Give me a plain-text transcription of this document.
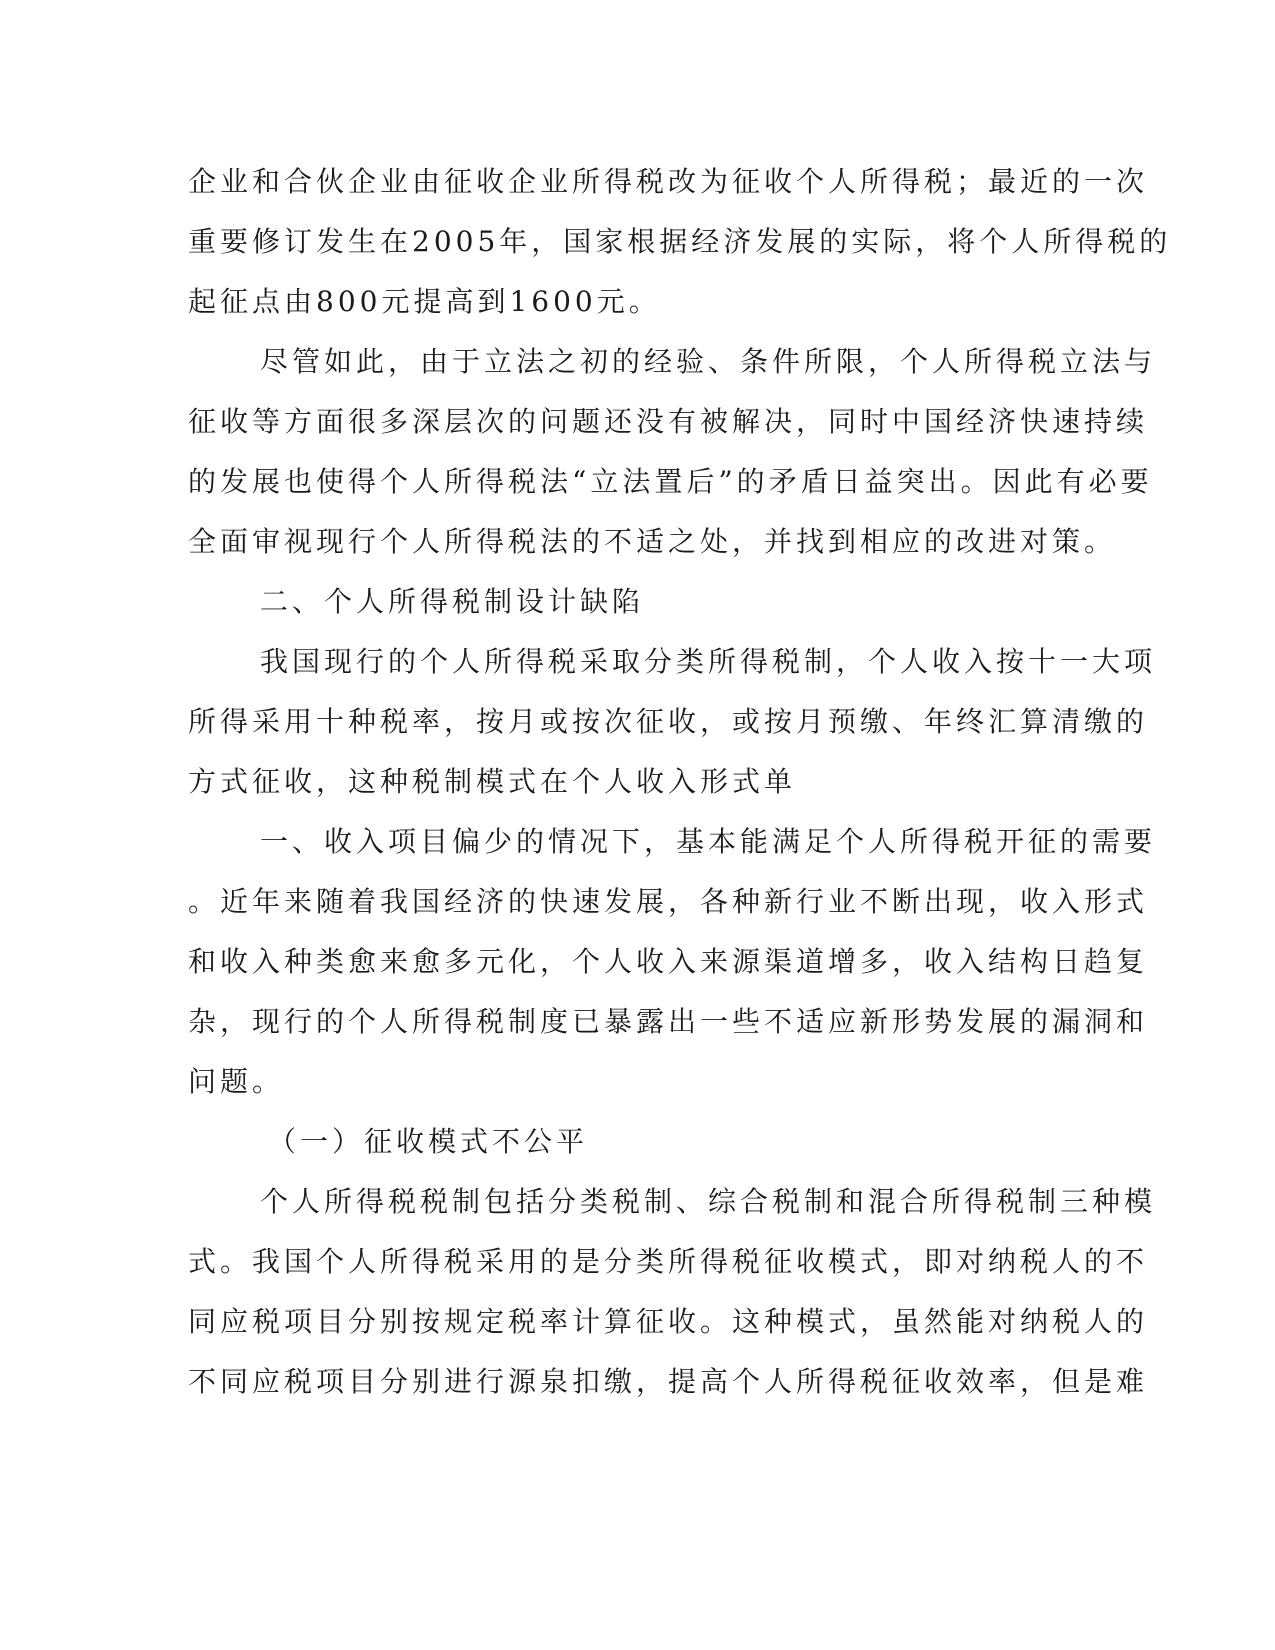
企业和合伙企业由征收企业所得税改为征收个人所得税；最近的一次
重要修订发生在2005年，国家根据经济发展的实际，将个人所得税的
起征点由800元提高到1600元。
尽管如此，由于立法之初的经验、条件所限，个人所得税立法与
征收等方面很多深层次的问题还没有被解决，同时中国经济快速持续
的发展也使得个人所得税法“立法置后”的矛盾日益突出。因此有必要
全面审视现行个人所得税法的不适之处，并找到相应的改进对策。
二、个人所得税制设计缺陷
我国现行的个人所得税采取分类所得税制，个人收入按十一大项
所得采用十种税率，按月或按次征收，或按月预缴、年终汇算清缴的
方式征收，这种税制模式在个人收入形式单
一、收入项目偏少的情况下，基本能满足个人所得税开征的需要
。近年来随着我国经济的快速发展，各种新行业不断出现，收入形式
和收入种类愈来愈多元化，个人收入来源渠道增多，收入结构日趋复
杂，现行的个人所得税制度已暴露出一些不适应新形势发展的漏洞和
问题。
（一）征收模式不公平
个人所得税税制包括分类税制、综合税制和混合所得税制三种模
式。我国个人所得税采用的是分类所得税征收模式，即对纳税人的不
同应税项目分别按规定税率计算征收。这种模式，虽然能对纳税人的
不同应税项目分别进行源泉扣缴，提高个人所得税征收效率，但是难
